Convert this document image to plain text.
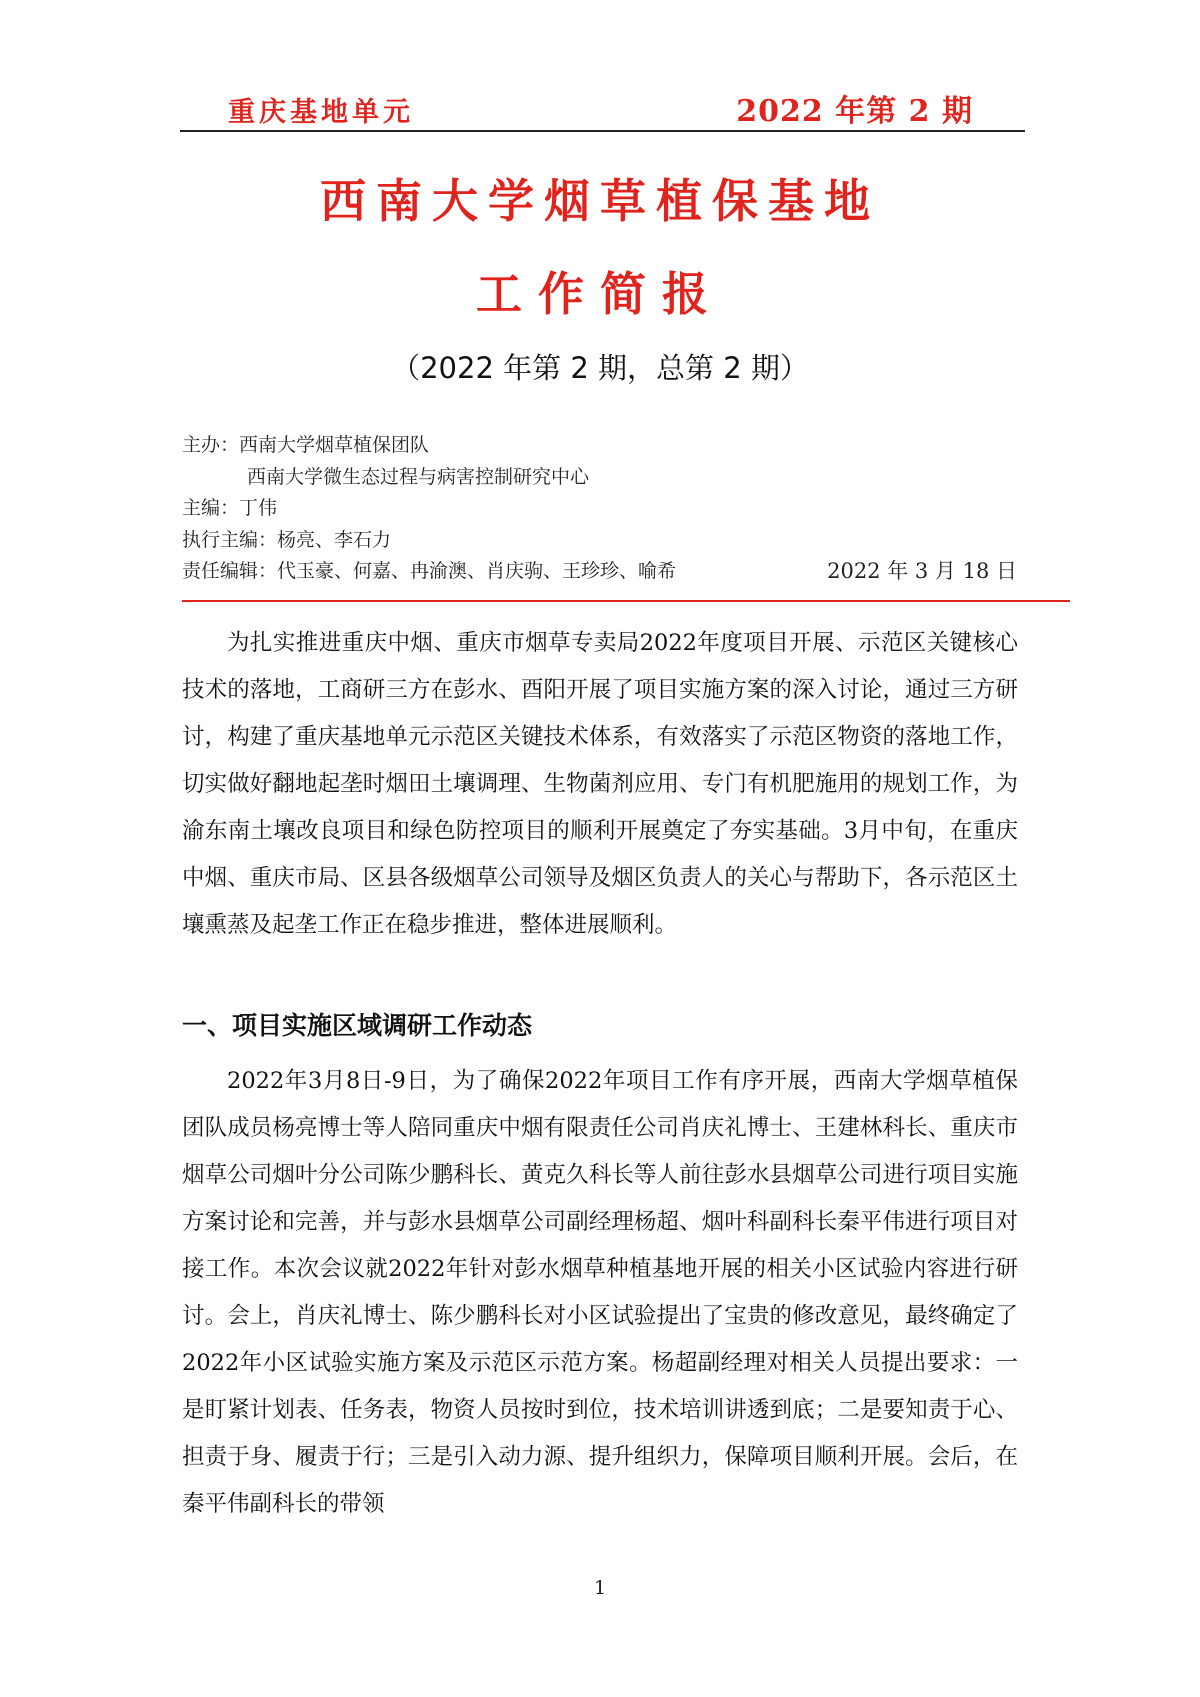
重庆基地单元	2022 年第 2 期
西南大学烟草植保基地
工作简报
（2022 年第 2 期，总第 2 期）
主办：西南大学烟草植保团队
西南大学微生态过程与病害控制研究中心
主编：丁伟
执行主编：杨亮、李石力
责任编辑：代玉豪、何嘉、冉渝澳、肖庆驹、王珍珍、喻希	2022 年 3 月 18 日

为扎实推进重庆中烟、重庆市烟草专卖局2022年度项目开展、示范区关键核心技术的落地，工商研三方在彭水、酉阳开展了项目实施方案的深入讨论，通过三方研讨，构建了重庆基地单元示范区关键技术体系，有效落实了示范区物资的落地工作，切实做好翻地起垄时烟田土壤调理、生物菌剂应用、专门有机肥施用的规划工作，为渝东南土壤改良项目和绿色防控项目的顺利开展奠定了夯实基础。3月中旬，在重庆中烟、重庆市局、区县各级烟草公司领导及烟区负责人的关心与帮助下，各示范区土壤熏蒸及起垄工作正在稳步推进，整体进展顺利。

一、项目实施区域调研工作动态

2022年3月8日-9日，为了确保2022年项目工作有序开展，西南大学烟草植保团队成员杨亮博士等人陪同重庆中烟有限责任公司肖庆礼博士、王建林科长、重庆市烟草公司烟叶分公司陈少鹏科长、黄克久科长等人前往彭水县烟草公司进行项目实施方案讨论和完善，并与彭水县烟草公司副经理杨超、烟叶科副科长秦平伟进行项目对接工作。本次会议就2022年针对彭水烟草种植基地开展的相关小区试验内容进行研讨。会上，肖庆礼博士、陈少鹏科长对小区试验提出了宝贵的修改意见，最终确定了2022年小区试验实施方案及示范区示范方案。杨超副经理对相关人员提出要求：一是盯紧计划表、任务表，物资人员按时到位，技术培训讲透到底；二是要知责于心、担责于身、履责于行；三是引入动力源、提升组织力，保障项目顺利开展。会后，在秦平伟副科长的带领

1
